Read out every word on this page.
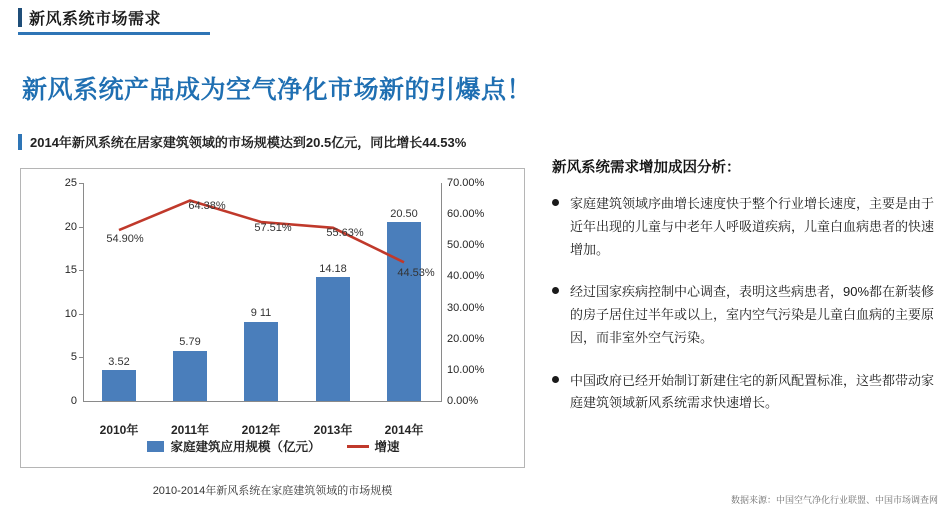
新风系统市场需求
新风系统产品成为空气净化市场新的引爆点！
2014年新风系统在居家建筑领域的市场规模达到20.5亿元，同比增长44.53%
0
5
10
15
20
25
0.00%
10.00%
20.00%
30.00%
40.00%
50.00%
60.00%
70.00%
3.52
5.79
9 11
14.18
20.50
54.90%
64.38%
57.51%	55.63%
44.53%
2010年	2011年	2012年	2013年	2014年
家庭建筑应用规模（亿元）	增速
2010-2014年新风系统在家庭建筑领域的市场规模
新风系统需求增加成因分析：
家庭建筑领域序曲增长速度快于整个行业增长速度，主要是由于近年出现的儿童与中老年人呼吸道疾病，儿童白血病患者的快速增加。
经过国家疾病控制中心调查，表明这些病患者，90%都在新装修的房子居住过半年或以上，室内空气污染是儿童白血病的主要原因，而非室外空气污染。
中国政府已经开始制订新建住宅的新风配置标准，这些都带动家庭建筑领域新风系统需求快速增长。
数据来源：中国空气净化行业联盟、中国市场调查网
